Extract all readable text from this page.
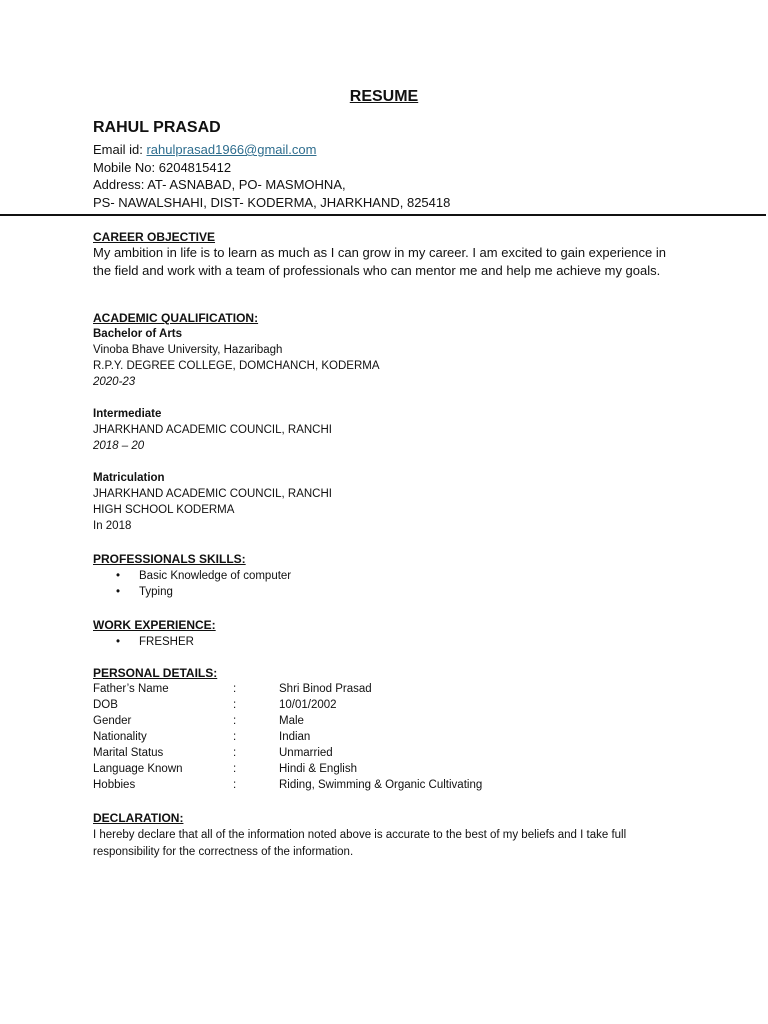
RESUME
RAHUL PRASAD
Email id: rahulprasad1966@gmail.com
Mobile No: 6204815412
Address: AT- ASNABAD, PO- MASMOHNA,
PS- NAWALSHAHI, DIST- KODERMA, JHARKHAND, 825418
CAREER OBJECTIVE

My ambition in life is to learn as much as I can grow in my career. I am excited to gain experience in the field and work with a team of professionals who can mentor me and help me achieve my goals.

ACADEMIC QUALIFICATION:
Bachelor of Arts
Vinoba Bhave University, Hazaribagh
R.P.Y. DEGREE COLLEGE, DOMCHANCH, KODERMA
2020-23
Intermediate
JHARKHAND ACADEMIC COUNCIL, RANCHI
2018 – 20
Matriculation
JHARKHAND ACADEMIC COUNCIL, RANCHI
HIGH SCHOOL KODERMA
In 2018
PROFESSIONALS SKILLS:
• Basic Knowledge of computer
• Typing
WORK EXPERIENCE:
• FRESHER
PERSONAL DETAILS:
Father’s Name	:	Shri Binod Prasad
DOB	:	10/01/2002
Gender	:	Male
Nationality	:	Indian
Marital Status	:	Unmarried
Language Known	:	Hindi & English
Hobbies	:	Riding, Swimming & Organic Cultivating
DECLARATION:

I hereby declare that all of the information noted above is accurate to the best of my beliefs and I take full responsibility for the correctness of the information.
